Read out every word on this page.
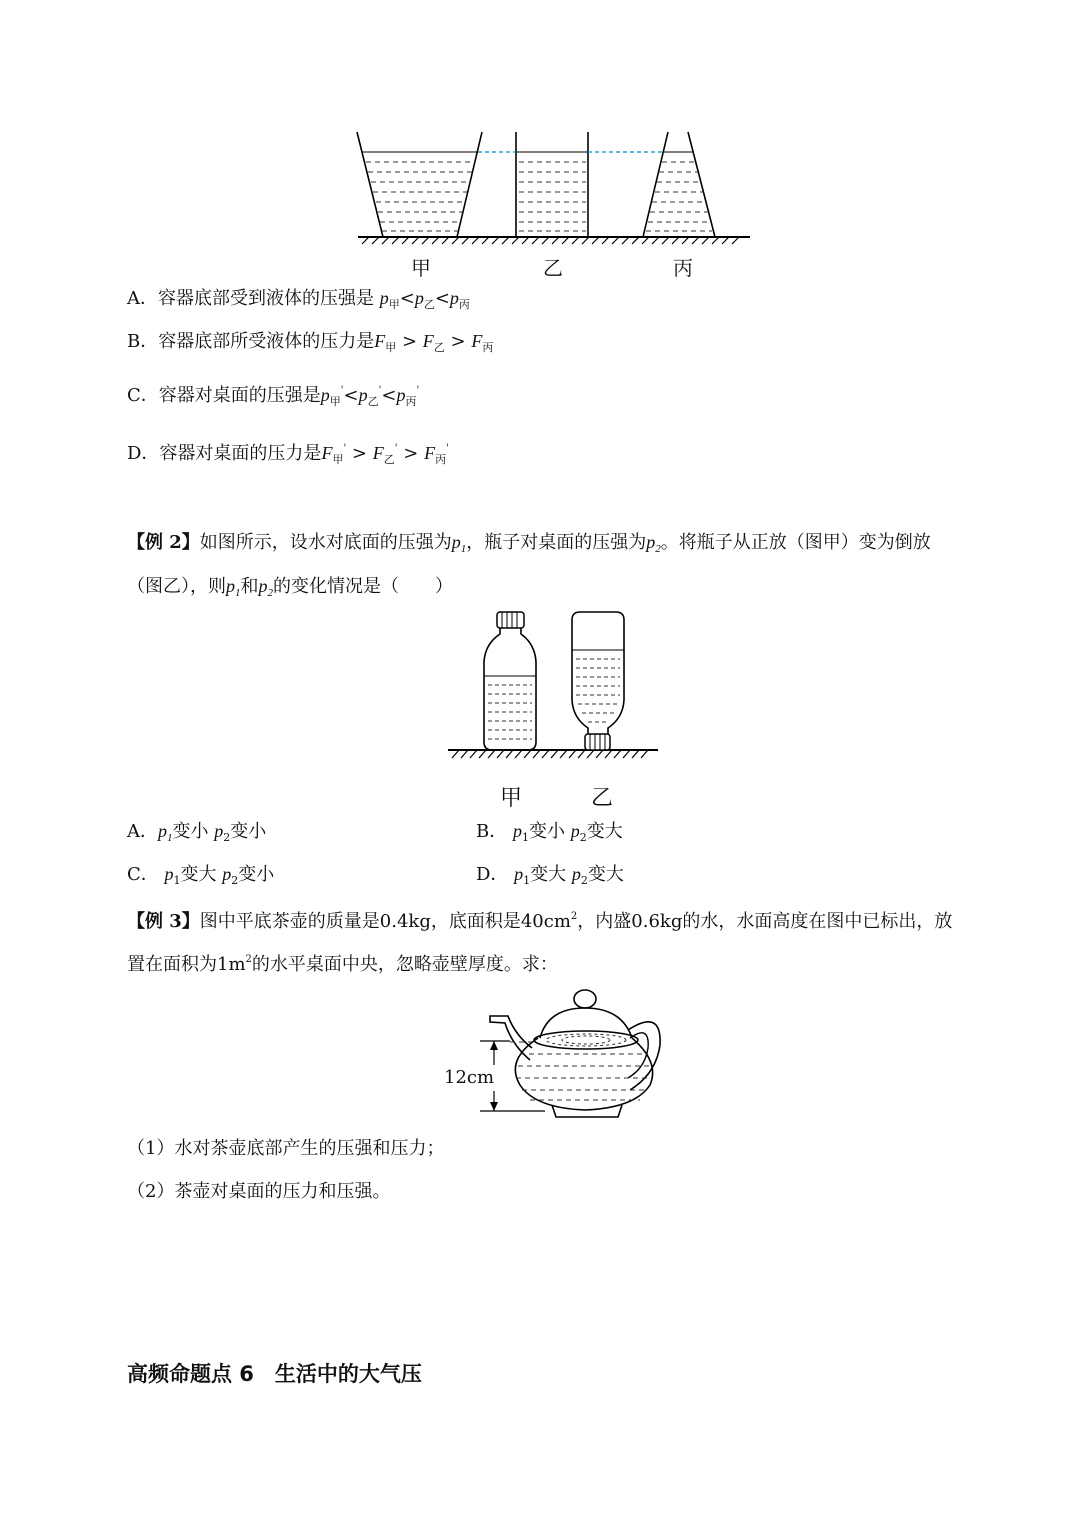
甲	乙	丙
A．容器底部受到液体的压强是 $p_甲<p_乙<p_丙$
B．容器底部所受液体的压力是$F_甲 > F_乙 > F_丙$
C．容器对桌面的压强是$p_甲'<p_乙'<p_丙'$
D．容器对桌面的压力是$F_甲' > F_乙' > F_丙'$
【例 2】如图所示，设水对底面的压强为$p_1$，瓶子对桌面的压强为$p_2$。将瓶子从正放（图甲）变为倒放
（图乙），则$p_1$和$p_2$的变化情况是（　　）
甲	乙
A．$p_1$变小 $p_2$变小	B． $p_1$变小 $p_2$变大
C． $p_1$变大 $p_2$变小	D． $p_1$变大 $p_2$变大
【例 3】图中平底茶壶的质量是0.4kg，底面积是$40cm^2$，内盛0.6kg的水，水面高度在图中已标出，放
置在面积为$1m^2$的水平桌面中央，忽略壶壁厚度。求：
12cm
（1）水对茶壶底部产生的压强和压力；
（2）茶壶对桌面的压力和压强。
高频命题点 6　生活中的大气压
